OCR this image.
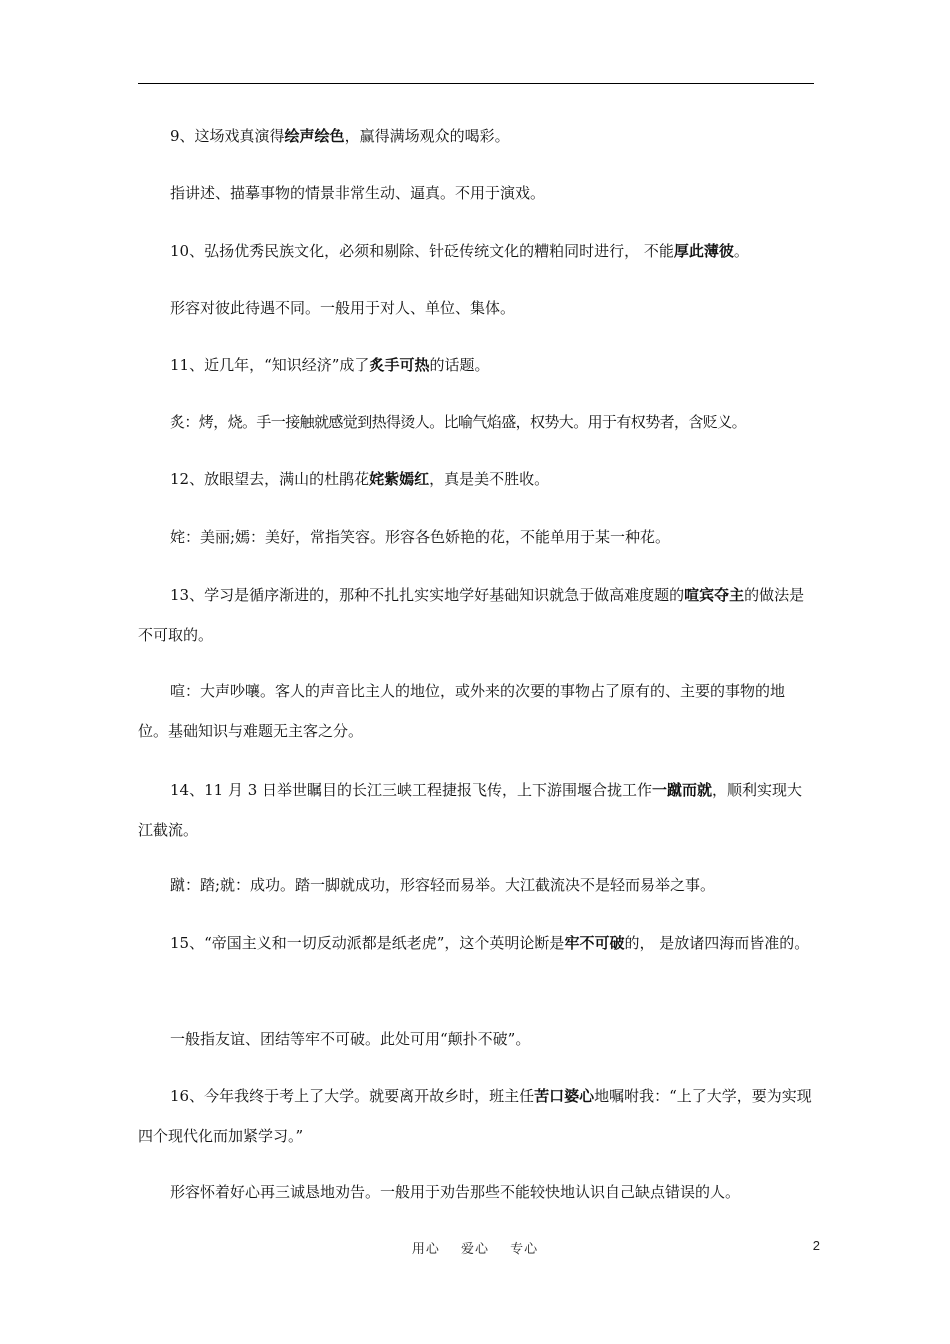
9、这场戏真演得绘声绘色，赢得满场观众的喝彩。
指讲述、描摹事物的情景非常生动、逼真。不用于演戏。
10、弘扬优秀民族文化，必须和剔除、针砭传统文化的糟粕同时进行， 不能厚此薄彼。
形容对彼此待遇不同。一般用于对人、单位、集体。
11、近几年，“知识经济”成了炙手可热的话题。
炙：烤，烧。手一接触就感觉到热得烫人。比喻气焰盛，权势大。用于有权势者，含贬义。
12、放眼望去，满山的杜鹃花姹紫嫣红，真是美不胜收。
姹：美丽;嫣：美好，常指笑容。形容各色娇艳的花，不能单用于某一种花。
13、学习是循序渐进的，那种不扎扎实实地学好基础知识就急于做高难度题的喧宾夺主的做法是不可取的。
喧：大声吵嚷。客人的声音比主人的地位，或外来的次要的事物占了原有的、主要的事物的地位。基础知识与难题无主客之分。
14、11 月 3 日举世瞩目的长江三峡工程捷报飞传，上下游围堰合拢工作一蹴而就，顺利实现大江截流。
蹴：踏;就：成功。踏一脚就成功，形容轻而易举。大江截流决不是轻而易举之事。
15、“帝国主义和一切反动派都是纸老虎”，这个英明论断是牢不可破的， 是放诸四海而皆准的。
一般指友谊、团结等牢不可破。此处可用“颠扑不破”。
16、今年我终于考上了大学。就要离开故乡时，班主任苦口婆心地嘱咐我：“上了大学，要为实现四个现代化而加紧学习。”
形容怀着好心再三诚恳地劝告。一般用于劝告那些不能较快地认识自己缺点错误的人。
用心 爱心 专心	2
